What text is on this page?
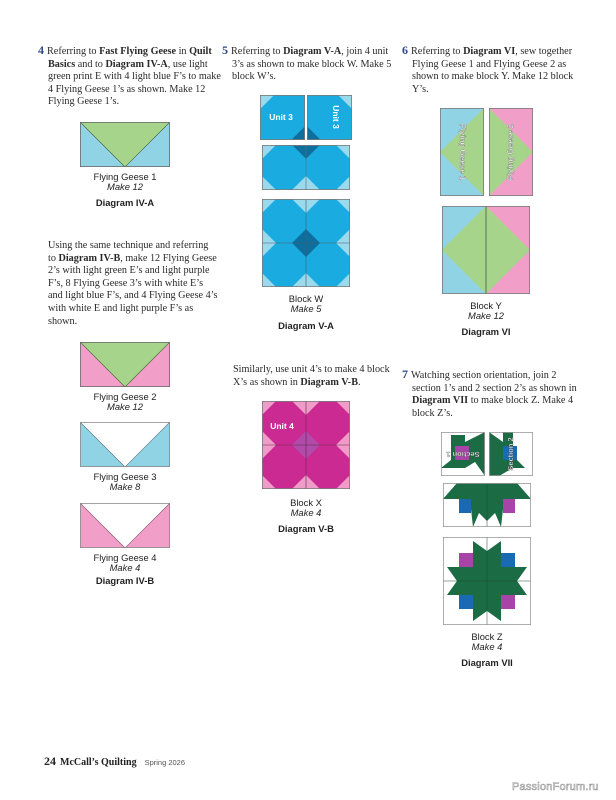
4 Referring to Fast Flying Geese in Quilt Basics and to Diagram IV-A, use light green print E with 4 light blue F’s to make 4 Flying Geese 1’s as shown. Make 12 Flying Geese 1’s.
Flying Geese 1
Make 12
Diagram IV-A
Using the same technique and referring to Diagram IV-B, make 12 Flying Geese 2’s with light green E’s and light purple F’s, 8 Flying Geese 3’s with white E’s and light blue F’s, and 4 Flying Geese 4’s with white E and light purple F’s as shown.
Flying Geese 2
Make 12
Flying Geese 3
Make 8
Flying Geese 4
Make 4
Diagram IV-B
5 Referring to Diagram V-A, join 4 unit 3’s as shown to make block W. Make 5 block W’s.
Unit 3	Unit 3
Block W
Make 5
Diagram V-A
Similarly, use unit 4’s to make 4 block X’s as shown in Diagram V-B.
Unit 4
Block X
Make 4
Diagram V-B
6 Referring to Diagram VI, sew together Flying Geese 1 and Flying Geese 2 as shown to make block Y. Make 12 block Y’s.
Flying Geese 1	Flying Geese 2
Block Y
Make 12
Diagram VI
7 Watching section orientation, join 2 section 1’s and 2 section 2’s as shown in Diagram VII to make block Z. Make 4 block Z’s.
Section 1	Section 2
Block Z
Make 4
Diagram VII
24 McCall’s Quilting Spring 2026
PassionForum.ru
